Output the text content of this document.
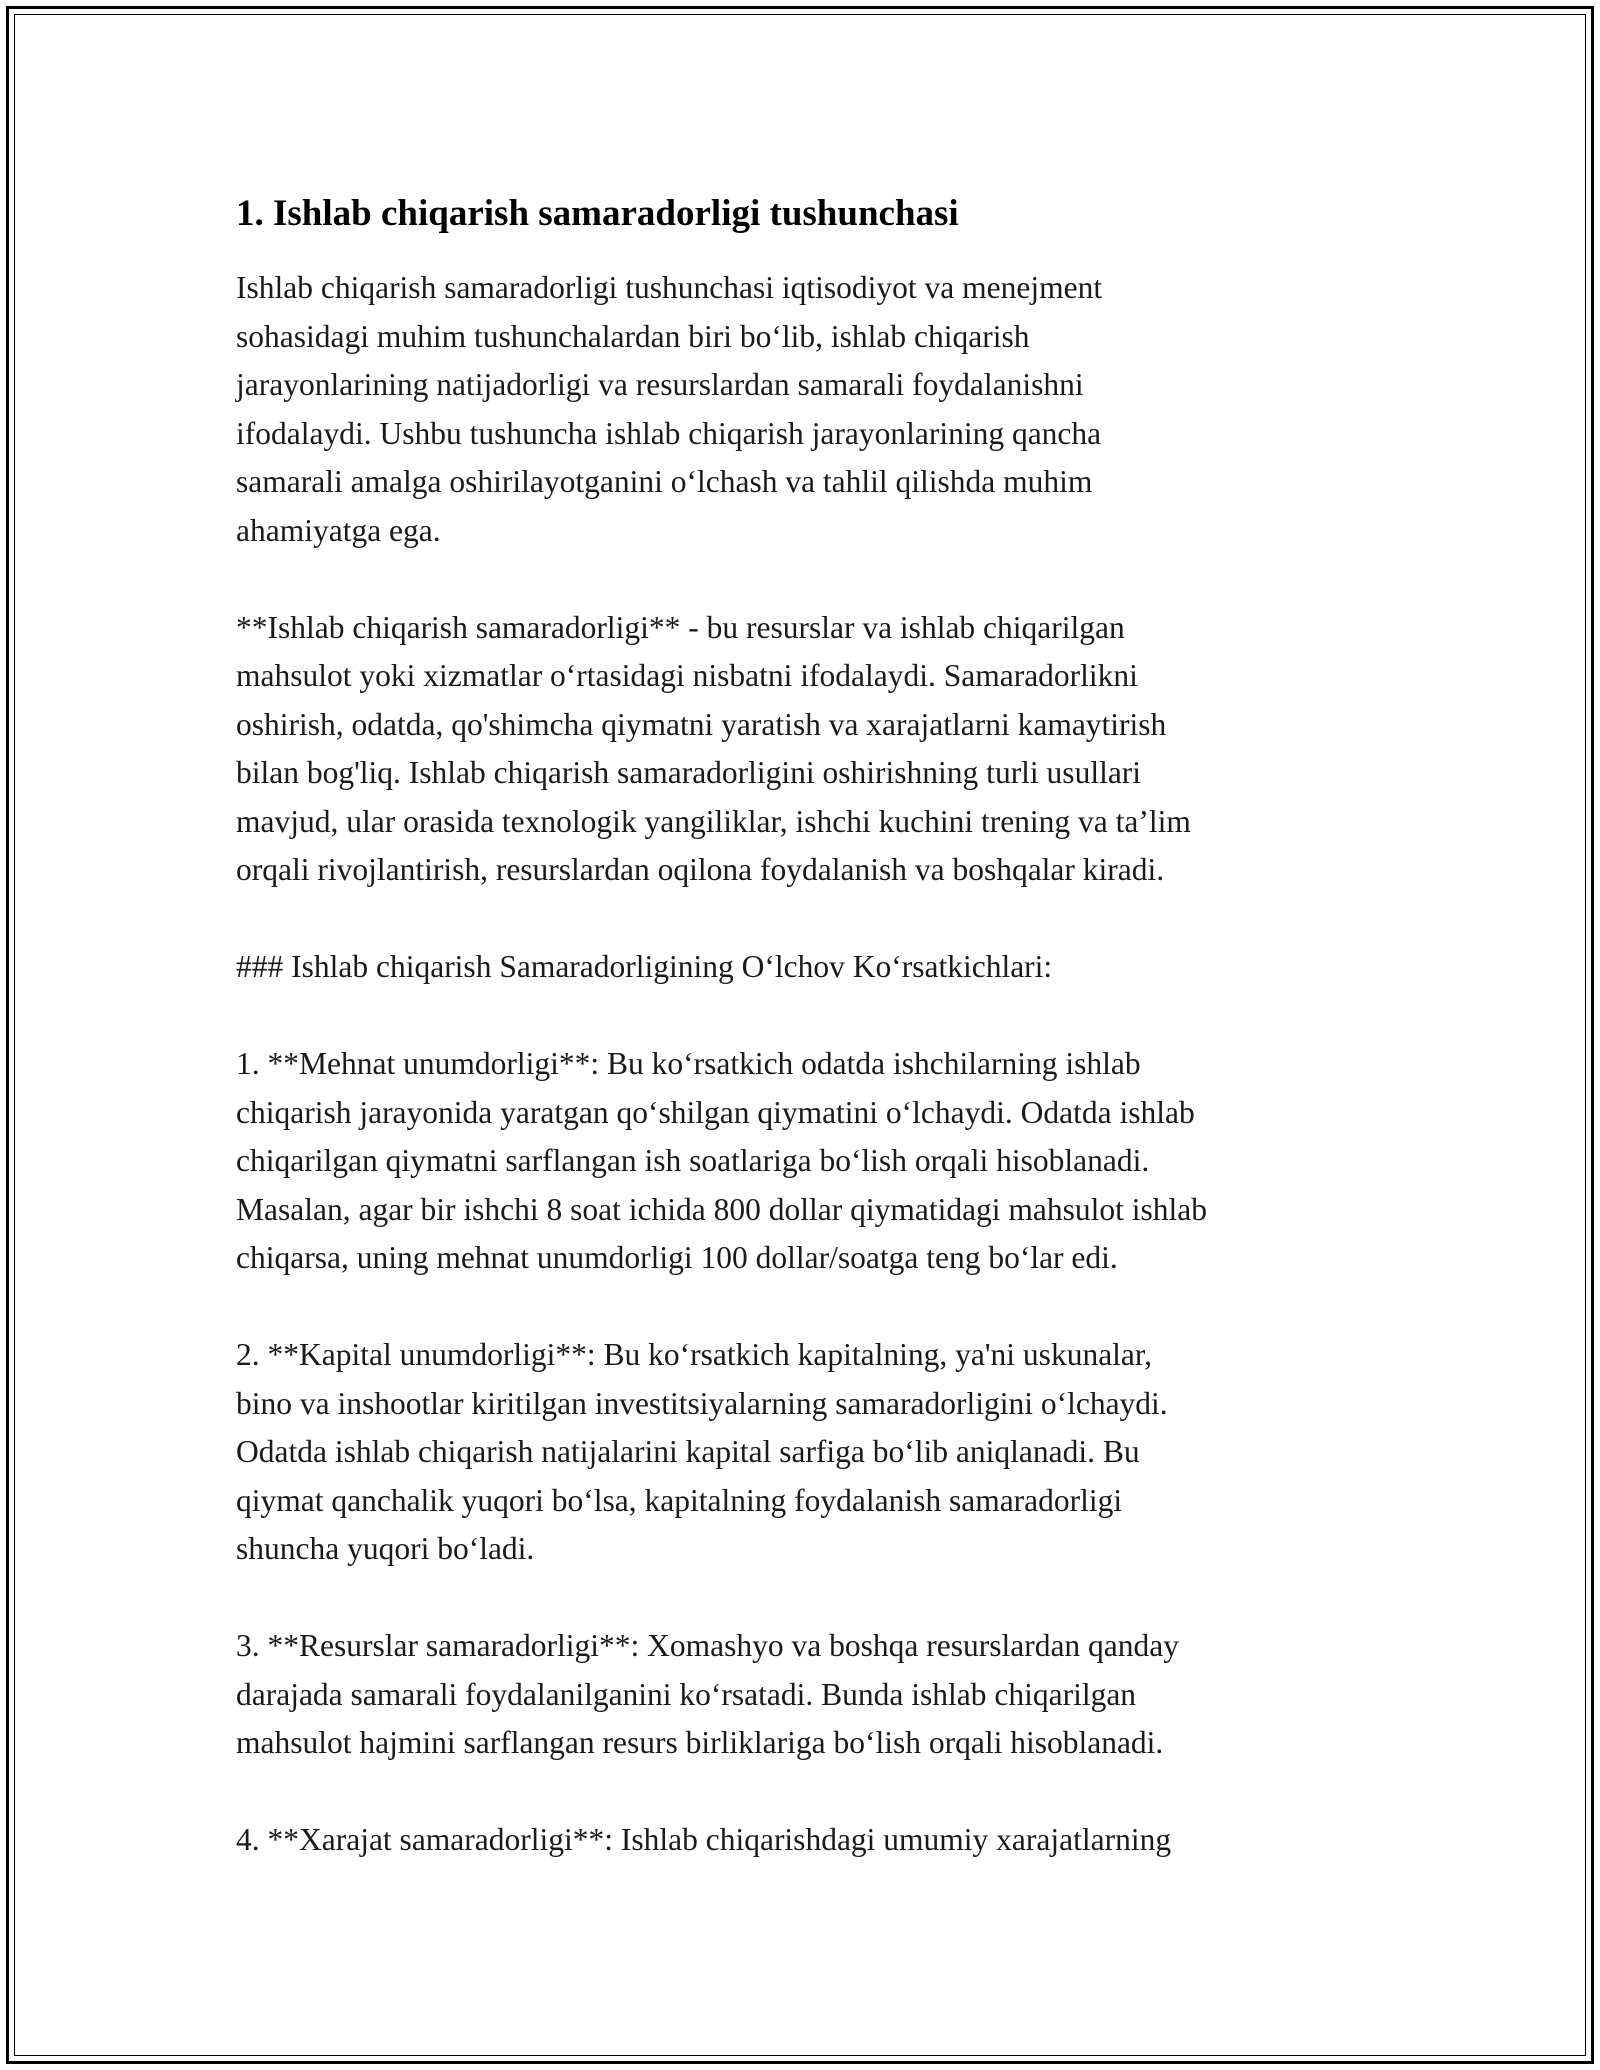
1. Ishlab chiqarish samaradorligi tushunchasi
Ishlab chiqarish samaradorligi tushunchasi iqtisodiyot va menejment
sohasidagi muhim tushunchalardan biri bo‘lib, ishlab chiqarish
jarayonlarining natijadorligi va resurslardan samarali foydalanishni
ifodalaydi. Ushbu tushuncha ishlab chiqarish jarayonlarining qancha
samarali amalga oshirilayotganini o‘lchash va tahlil qilishda muhim
ahamiyatga ega.
**Ishlab chiqarish samaradorligi** - bu resurslar va ishlab chiqarilgan
mahsulot yoki xizmatlar o‘rtasidagi nisbatni ifodalaydi. Samaradorlikni
oshirish, odatda, qo'shimcha qiymatni yaratish va xarajatlarni kamaytirish
bilan bog'liq. Ishlab chiqarish samaradorligini oshirishning turli usullari
mavjud, ular orasida texnologik yangiliklar, ishchi kuchini trening va ta’lim
orqali rivojlantirish, resurslardan oqilona foydalanish va boshqalar kiradi.
### Ishlab chiqarish Samaradorligining O‘lchov Ko‘rsatkichlari:
1. **Mehnat unumdorligi**: Bu ko‘rsatkich odatda ishchilarning ishlab
chiqarish jarayonida yaratgan qo‘shilgan qiymatini o‘lchaydi. Odatda ishlab
chiqarilgan qiymatni sarflangan ish soatlariga bo‘lish orqali hisoblanadi.
Masalan, agar bir ishchi 8 soat ichida 800 dollar qiymatidagi mahsulot ishlab
chiqarsa, uning mehnat unumdorligi 100 dollar/soatga teng bo‘lar edi.
2. **Kapital unumdorligi**: Bu ko‘rsatkich kapitalning, ya'ni uskunalar,
bino va inshootlar kiritilgan investitsiyalarning samaradorligini o‘lchaydi.
Odatda ishlab chiqarish natijalarini kapital sarfiga bo‘lib aniqlanadi. Bu
qiymat qanchalik yuqori bo‘lsa, kapitalning foydalanish samaradorligi
shuncha yuqori bo‘ladi.
3. **Resurslar samaradorligi**: Xomashyo va boshqa resurslardan qanday
darajada samarali foydalanilganini ko‘rsatadi. Bunda ishlab chiqarilgan
mahsulot hajmini sarflangan resurs birliklariga bo‘lish orqali hisoblanadi.
4. **Xarajat samaradorligi**: Ishlab chiqarishdagi umumiy xarajatlarning
